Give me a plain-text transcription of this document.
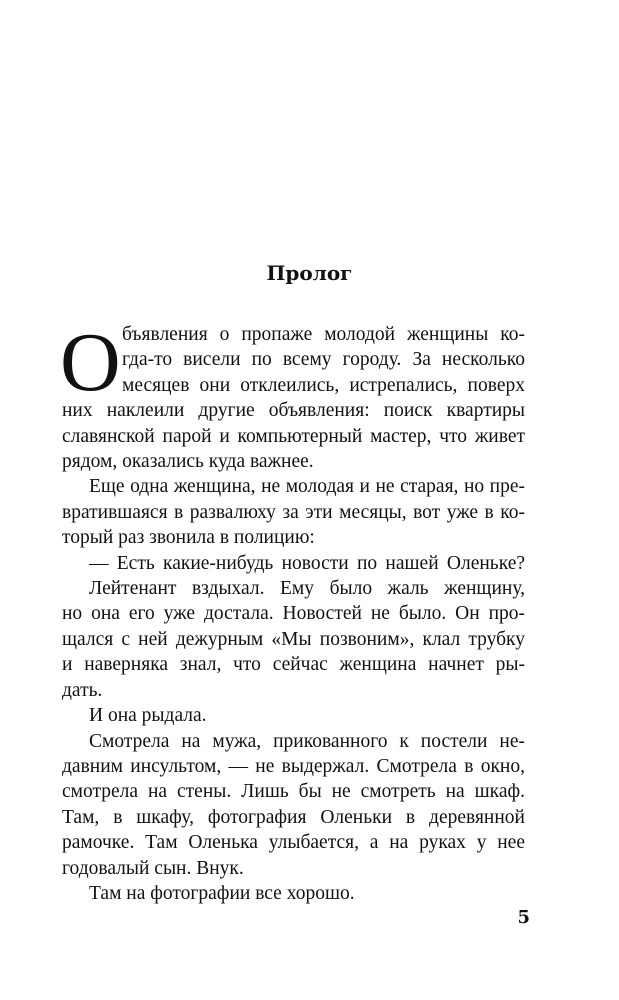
Пролог
О бъявления о пропаже молодой женщины ко-
гда-то висели по всему городу. За несколько
месяцев они отклеились, истрепались, поверх
них наклеили другие объявления: поиск квартиры
славянской парой и компьютерный мастер, что живет
рядом, оказались куда важнее.
Еще одна женщина, не молодая и не старая, но пре-
вратившаяся в развалюху за эти месяцы, вот уже в ко-
торый раз звонила в полицию:
— Есть какие-нибудь новости по нашей Оленьке?
Лейтенант вздыхал. Ему было жаль женщину,
но она его уже достала. Новостей не было. Он про-
щался с ней дежурным «Мы позвоним», клал трубку
и наверняка знал, что сейчас женщина начнет ры-
дать.
И она рыдала.
Смотрела на мужа, прикованного к постели не-
давним инсультом, — не выдержал. Смотрела в окно,
смотрела на стены. Лишь бы не смотреть на шкаф.
Там, в шкафу, фотография Оленьки в деревянной
рамочке. Там Оленька улыбается, а на руках у нее
годовалый сын. Внук.
Там на фотографии все хорошо.
5
